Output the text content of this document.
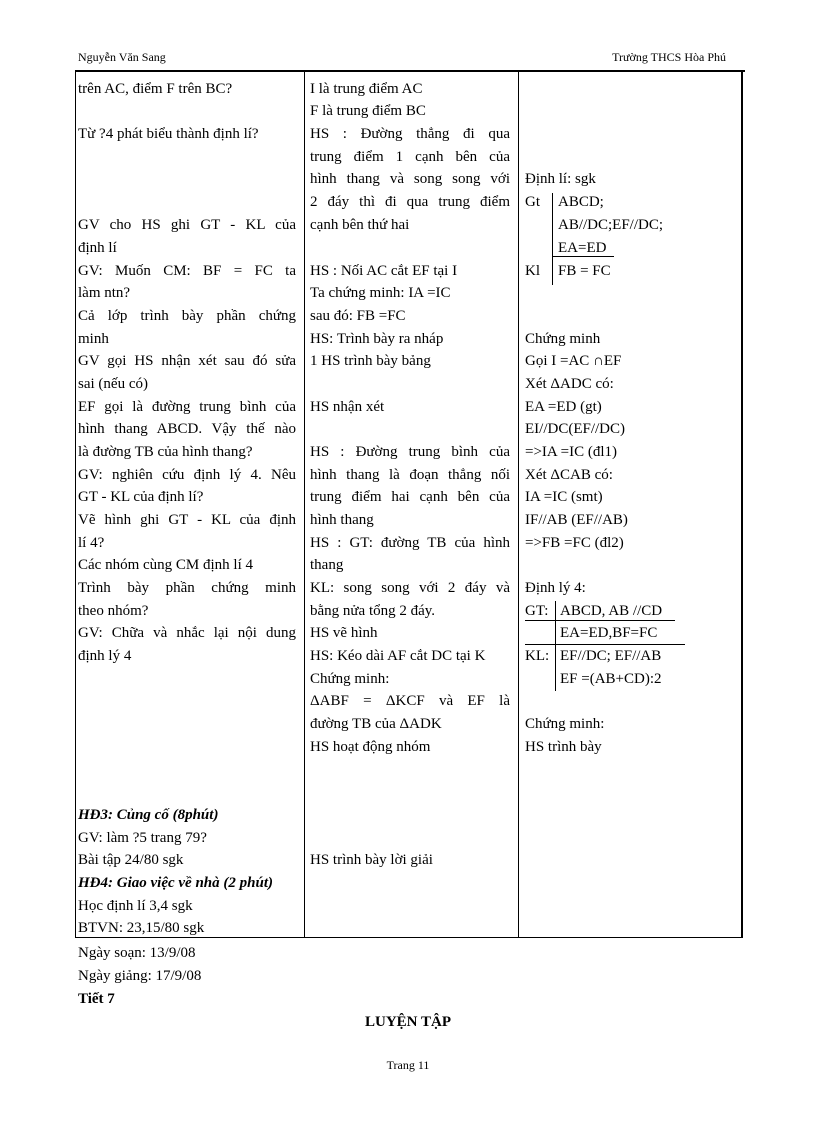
Nguyễn Văn Sang	Trường THCS Hòa Phú
trên AC, điểm F trên BC?
Từ ?4 phát biểu thành định lí?
GV cho HS ghi GT - KL của
định lí
GV: Muốn CM: BF = FC ta
làm ntn?
Cả lớp trình bày phần chứng
minh
GV gọi HS nhận xét sau đó sửa
sai (nếu có)
EF gọi là đường trung bình của
hình thang ABCD. Vậy thế nào
là đường TB của hình thang?
GV: nghiên cứu định lý 4. Nêu
GT - KL của định lí?
Vẽ hình ghi GT - KL của định
lí 4?
Các nhóm cùng CM định lí 4
Trình bày phần chứng minh
theo nhóm?
GV: Chữa và nhắc lại nội dung
định lý 4
I là trung điểm AC
F là trung điểm BC
HS : Đường thẳng đi qua
trung điểm 1 cạnh bên của
hình thang và song song với
2 đáy thì đi qua trung điểm
cạnh bên thứ hai
HS : Nối AC cắt EF tại I
Ta chứng minh: IA =IC
sau đó: FB =FC
HS: Trình bày ra nháp
1 HS trình bày bảng
HS nhận xét
HS : Đường trung bình của
hình thang là đoạn thẳng nối
trung điểm hai cạnh bên của
hình thang
HS : GT: đường TB của hình
thang
KL: song song với 2 đáy và
bằng nửa tổng 2 đáy.
HS vẽ hình
HS: Kéo dài AF cắt DC tại K
Chứng minh:
ΔABF = ΔKCF và EF là
đường TB của ΔADK
HS hoạt động nhóm
HS trình bày lời giải
Định lí: sgk
Gt ABCD;
AB//DC;EF//DC;
EA=ED
Kl FB = FC
Chứng minh
Gọi I =AC ∩EF
Xét ΔADC có:
EA =ED (gt)
EI//DC(EF//DC)
=>IA =IC (đl1)
Xét ΔCAB có:
IA =IC (smt)
IF//AB (EF//AB)
=>FB =FC (đl2)
Định lý 4:
GT: ABCD, AB //CD
EA=ED,BF=FC
KL: EF//DC; EF//AB
EF =(AB+CD):2
Chứng minh:
HS trình bày
HĐ3: Củng cố (8phút)
GV: làm ?5 trang 79?
Bài tập 24/80 sgk
HĐ4: Giao việc về nhà (2 phút)
Học định lí 3,4 sgk
BTVN: 23,15/80 sgk
Ngày soạn: 13/9/08
Ngày giảng: 17/9/08
Tiết 7
LUYỆN TẬP
Trang 11
